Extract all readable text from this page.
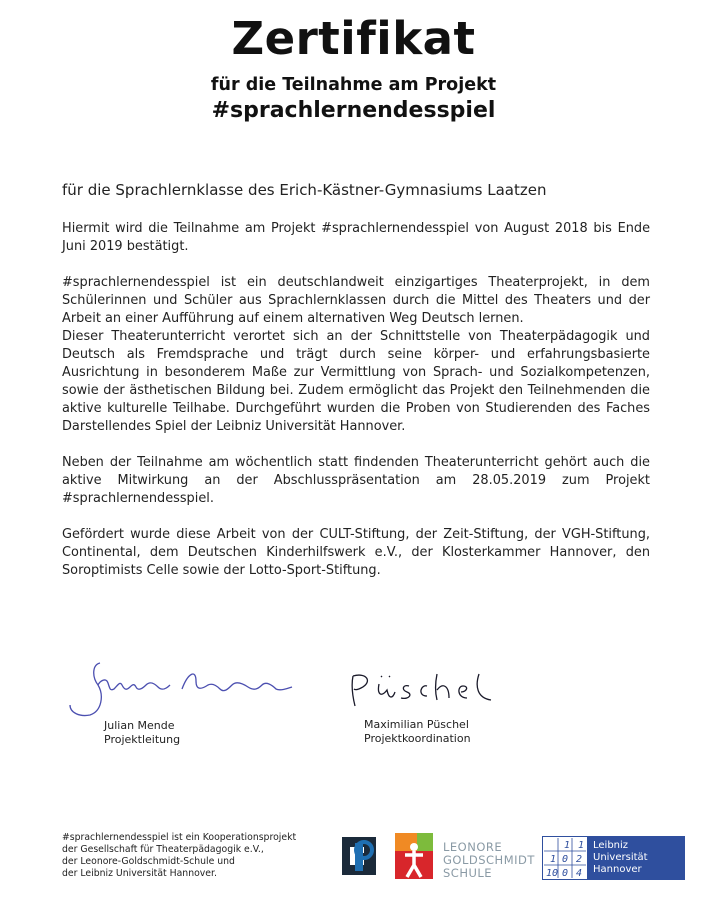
Zertifikat
für die Teilnahme am Projekt
#sprachlernendesspiel
für die Sprachlernklasse des Erich-Kästner-Gymnasiums Laatzen

Hiermit wird die Teilnahme am Projekt #sprachlernendesspiel von August 2018 bis Ende Juni 2019 bestätigt.

#sprachlernendesspiel ist ein deutschlandweit einzigartiges Theaterprojekt, in dem Schülerinnen und Schüler aus Sprachlernklassen durch die Mittel des Theaters und der Arbeit an einer Aufführung auf einem alternativen Weg Deutsch lernen.
Dieser Theaterunterricht verortet sich an der Schnittstelle von Theaterpädagogik und Deutsch als Fremdsprache und trägt durch seine körper- und erfahrungsbasierte Ausrichtung in besonderem Maße zur Vermittlung von Sprach- und Sozialkompetenzen, sowie der ästhetischen Bildung bei. Zudem ermöglicht das Projekt den Teilnehmenden die aktive kulturelle Teilhabe. Durchgeführt wurden die Proben von Studierenden des Faches Darstellendes Spiel der Leibniz Universität Hannover.

Neben der Teilnahme am wöchentlich statt findenden Theaterunterricht gehört auch die aktive Mitwirkung an der Abschlusspräsentation am 28.05.2019 zum Projekt #sprachlernendesspiel.

Gefördert wurde diese Arbeit von der CULT-Stiftung, der Zeit-Stiftung, der VGH-Stiftung, Continental, dem Deutschen Kinderhilfswerk e.V., der Klosterkammer Hannover, den Soroptimists Celle sowie der Lotto-Sport-Stiftung.

Julian Mende
Projektleitung
Maximilian Püschel
Projektkoordination
#sprachlernendesspiel ist ein Kooperationsprojekt
der Gesellschaft für Theaterpädagogik e.V.,
der Leonore-Goldschmidt-Schule und
der Leibniz Universität Hannover.
LEONORE
GOLDSCHMIDT
SCHULE
1 1
1 0 2
1 0 0 4
Leibniz
Universität
Hannover
